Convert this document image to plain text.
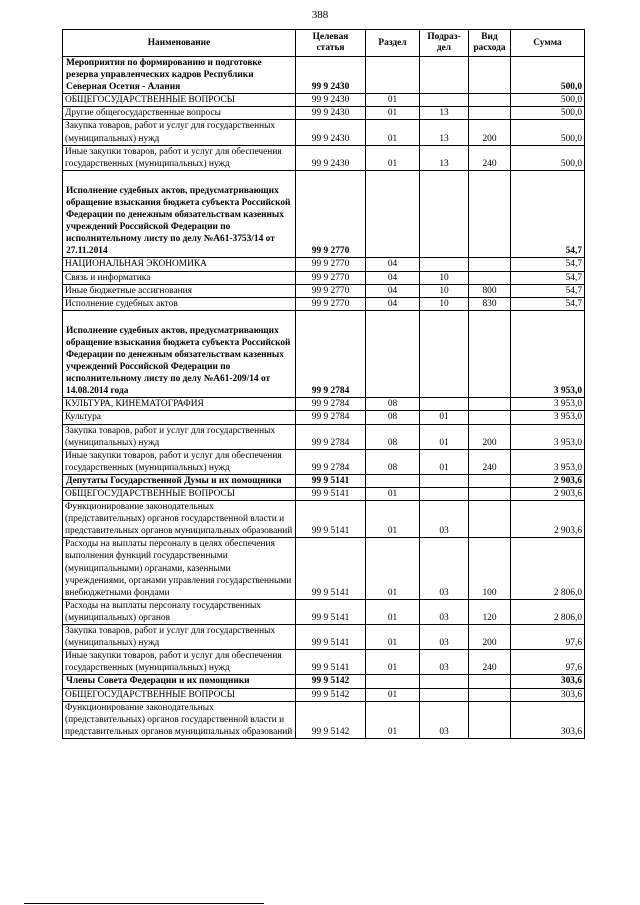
388
Наименование	Целевая статья	Раздел	Подраз-дел	Вид расхода	Сумма
Мероприятия по формированию и подготовке резерва управленческих кадров Республики Северная Осетия - Алания	99 9 2430				500,0
ОБЩЕГОСУДАРСТВЕННЫЕ ВОПРОСЫ	99 9 2430	01			500,0
Другие общегосударственные вопросы	99 9 2430	01	13		500,0
Закупка товаров, работ и услуг для государственных (муниципальных) нужд	99 9 2430	01	13	200	500,0
Иные закупки товаров, работ и услуг для обеспечения государственных (муниципальных) нужд	99 9 2430	01	13	240	500,0
Исполнение судебных актов, предусматривающих обращение взыскания бюджета субъекта Российской Федерации по денежным обязательствам казенных учреждений Российской Федерации по исполнительному листу по делу №А61-3753/14 от 27.11.2014	99 9 2770				54,7
НАЦИОНАЛЬНАЯ ЭКОНОМИКА	99 9 2770	04			54,7
Связь и информатика	99 9 2770	04	10		54,7
Иные бюджетные ассигнования	99 9 2770	04	10	800	54,7
Исполнение судебных актов	99 9 2770	04	10	830	54,7
Исполнение судебных актов, предусматривающих обращение взыскания бюджета субъекта Российской Федерации по денежным обязательствам казенных учреждений Российской Федерации по исполнительному листу по делу №А61-209/14 от 14.08.2014 года	99 9 2784				3 953,0
КУЛЬТУРА, КИНЕМАТОГРАФИЯ	99 9 2784	08			3 953,0
Культура	99 9 2784	08	01		3 953,0
Закупка товаров, работ и услуг для государственных (муниципальных) нужд	99 9 2784	08	01	200	3 953,0
Иные закупки товаров, работ и услуг для обеспечения государственных (муниципальных) нужд	99 9 2784	08	01	240	3 953,0
Депутаты Государственной Думы и их помощники	99 9 5141				2 903,6
ОБЩЕГОСУДАРСТВЕННЫЕ ВОПРОСЫ	99 9 5141	01			2 903,6
Функционирование законодательных (представительных) органов государственной власти и представительных органов муниципальных образований	99 9 5141	01	03		2 903,6
Расходы на выплаты персоналу в целях обеспечения выполнения функций государственными (муниципальными) органами, казенными учреждениями, органами управления государственными внебюджетными фондами	99 9 5141	01	03	100	2 806,0
Расходы на выплаты персоналу государственных (муниципальных) органов	99 9 5141	01	03	120	2 806,0
Закупка товаров, работ и услуг для государственных (муниципальных) нужд	99 9 5141	01	03	200	97,6
Иные закупки товаров, работ и услуг для обеспечения государственных (муниципальных) нужд	99 9 5141	01	03	240	97,6
Члены Совета Федерации и их помощники	99 9 5142				303,6
ОБЩЕГОСУДАРСТВЕННЫЕ ВОПРОСЫ	99 9 5142	01			303,6
Функционирование законодательных (представительных) органов государственной власти и представительных органов муниципальных образований	99 9 5142	01	03		303,6
